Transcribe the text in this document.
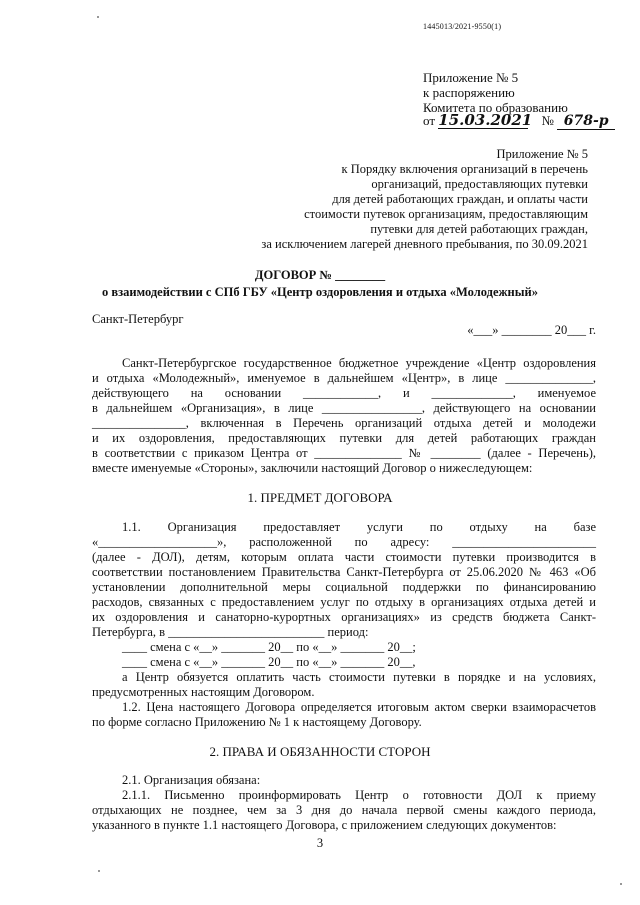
1445013/2021-9550(1)
Приложение № 5
к распоряжению
Комитета по образованию
от 15.03.2021 № 678-р
Приложение № 5
к Порядку включения организаций в перечень
организаций, предоставляющих путевки
для детей работающих граждан, и оплаты части
стоимости путевок организациям, предоставляющим
путевки для детей работающих граждан,
за исключением лагерей дневного пребывания, по 30.09.2021
ДОГОВОР № ________
о взаимодействии с СПб ГБУ «Центр оздоровления и отдыха «Молодежный»
Санкт-Петербург
«___» ________ 20___ г.
Санкт-Петербургское государственное бюджетное учреждение «Центр оздоровления
и отдыха «Молодежный», именуемое в дальнейшем «Центр», в лице ______________,
действующего на основании ____________, и _____________, именуемое
в дальнейшем «Организация», в лице ________________, действующего на основании
_______________, включенная в Перечень организаций отдыха детей и молодежи
и их оздоровления, предоставляющих путевки для детей работающих граждан
в соответствии с приказом Центра от ______________ № ________ (далее - Перечень),
вместе именуемые «Стороны», заключили настоящий Договор о нижеследующем:
1. ПРЕДМЕТ ДОГОВОРА
1.1. Организация предоставляет услуги по отдыху на базе
«___________________», расположенной по адресу: _______________________
(далее - ДОЛ), детям, которым оплата части стоимости путевки производится в
соответствии постановлением Правительства Санкт-Петербурга от 25.06.2020 № 463 «Об
установлении дополнительной меры социальной поддержки по финансированию
расходов, связанных с предоставлением услуг по отдыху в организациях отдыха детей и
их оздоровления и санаторно-курортных организациях» из средств бюджета Санкт-
Петербурга, в _________________________ период:
____ смена с «__» _______ 20__ по «__» _______ 20__;
____ смена с «__» _______ 20__ по «__» _______ 20__,
а Центр обязуется оплатить часть стоимости путевки в порядке и на условиях,
предусмотренных настоящим Договором.
1.2. Цена настоящего Договора определяется итоговым актом сверки взаиморасчетов
по форме согласно Приложению № 1 к настоящему Договору.
2. ПРАВА И ОБЯЗАННОСТИ СТОРОН
2.1. Организация обязана:
2.1.1. Письменно проинформировать Центр о готовности ДОЛ к приему
отдыхающих не позднее, чем за 3 дня до начала первой смены каждого периода,
указанного в пункте 1.1 настоящего Договора, с приложением следующих документов:
3
